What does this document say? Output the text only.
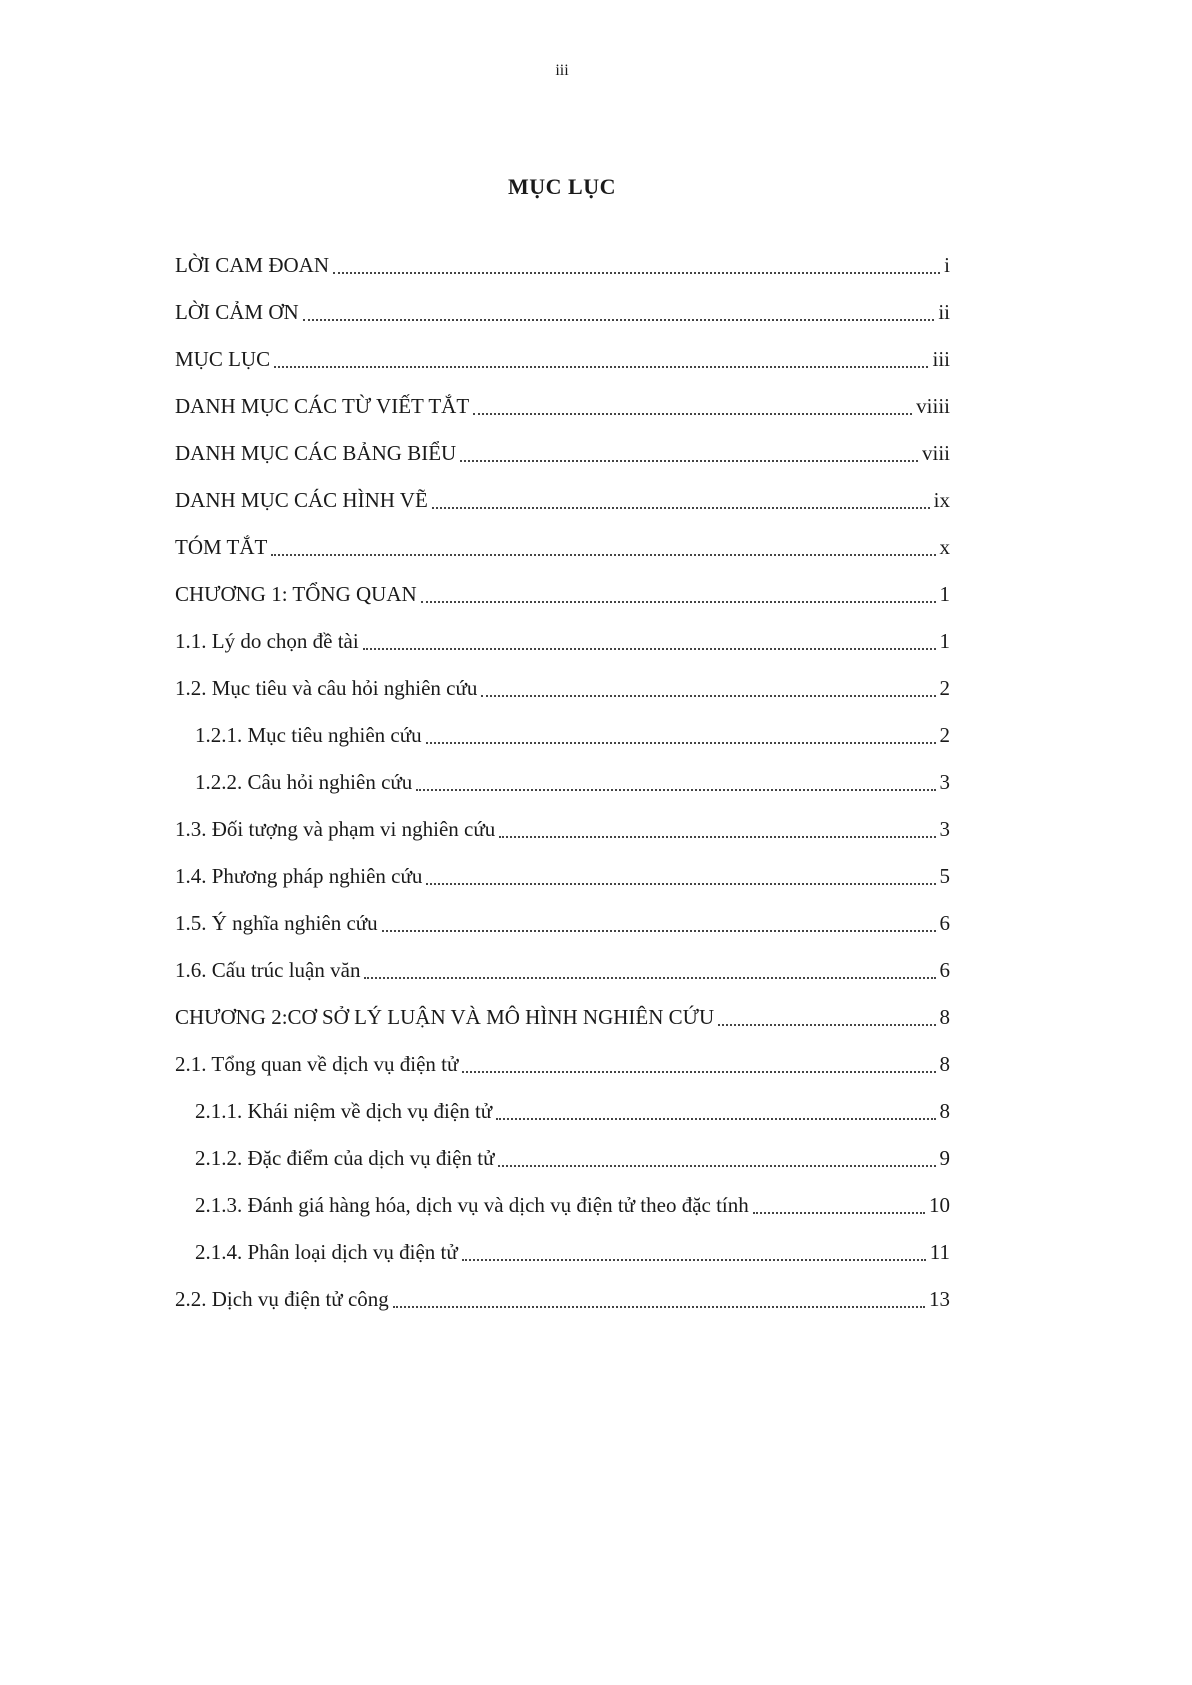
iii
MỤC LỤC
LỜI CAM ĐOAN	i
LỜI CẢM ƠN	ii
MỤC LỤC	iii
DANH MỤC CÁC TỪ VIẾT TẮT	viiii
DANH MỤC CÁC BẢNG BIỂU	viii
DANH MỤC CÁC HÌNH VẼ	ix
TÓM TẮT	x
CHƯƠNG 1: TỔNG QUAN	1
1.1. Lý do chọn đề tài	1
1.2. Mục tiêu và câu hỏi nghiên cứu	2
1.2.1. Mục tiêu nghiên cứu	2
1.2.2. Câu hỏi nghiên cứu	3
1.3. Đối tượng và phạm vi nghiên cứu	3
1.4. Phương pháp nghiên cứu	5
1.5. Ý nghĩa nghiên cứu	6
1.6. Cấu trúc luận văn	6
CHƯƠNG 2:CƠ SỞ LÝ LUẬN VÀ MÔ HÌNH NGHIÊN CỨU	8
2.1. Tổng quan về dịch vụ điện tử	8
2.1.1. Khái niệm về dịch vụ điện tử	8
2.1.2. Đặc điểm của dịch vụ điện tử	9
2.1.3. Đánh giá hàng hóa, dịch vụ và dịch vụ điện tử theo đặc tính	10
2.1.4. Phân loại dịch vụ điện tử	11
2.2. Dịch vụ điện tử công	13
